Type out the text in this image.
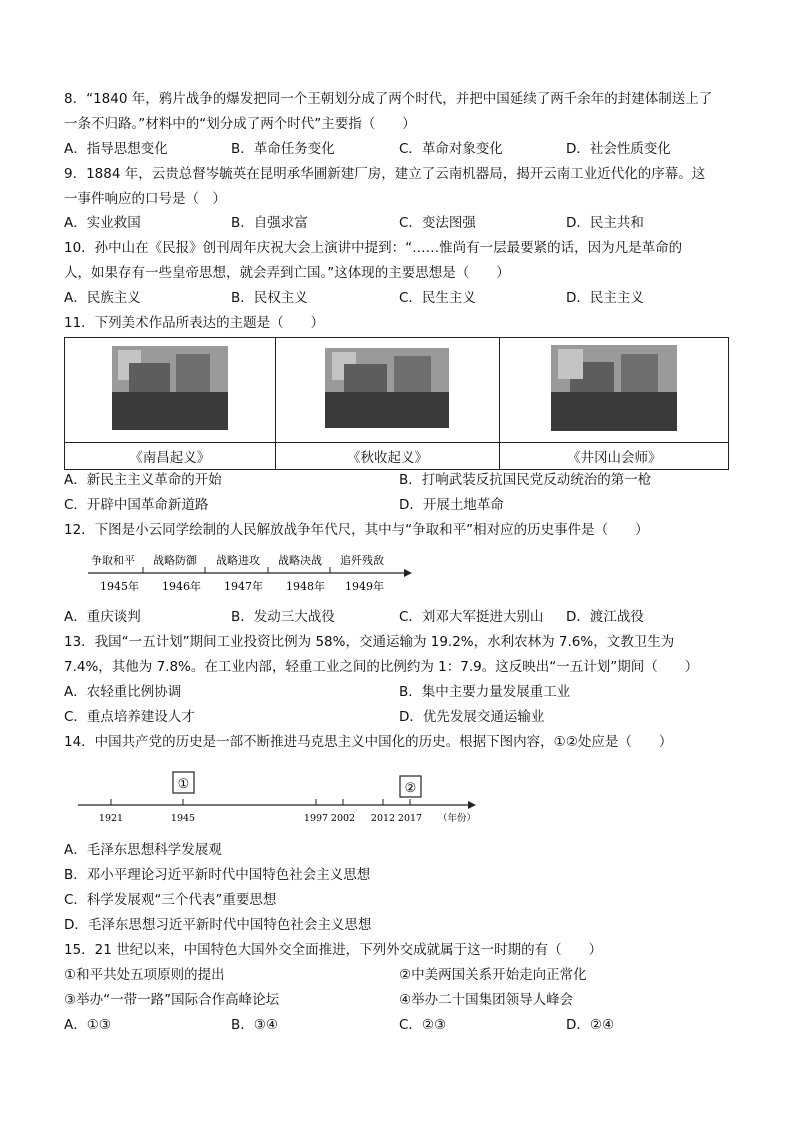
8．“1840 年，鸦片战争的爆发把同一个王朝划分成了两个时代，并把中国延续了两千余年的封建体制送上了
一条不归路。”材料中的“划分成了两个时代”主要指（　　）
A．指导思想变化	B．革命任务变化	C．革命对象变化	D．社会性质变化
9．1884 年，云贵总督岑毓英在昆明承华圃新建厂房，建立了云南机器局，揭开云南工业近代化的序幕。这
一事件响应的口号是（　）
A．实业救国	B．自强求富	C．变法图强	D．民主共和
10．孙中山在《民报》创刊周年庆祝大会上演讲中提到：“……惟尚有一层最要紧的话，因为凡是革命的
人，如果存有一些皇帝思想，就会弄到亡国。”这体现的主要思想是（　　）
A．民族主义	B．民权主义	C．民生主义	D．民主主义
11．下列美术作品所表达的主题是（　　）

《南昌起义》	《秋收起义》	《井冈山会师》
A．新民主主义革命的开始	B．打响武装反抗国民党反动统治的第一枪
C．开辟中国革命新道路	D．开展土地革命
12．下图是小云同学绘制的人民解放战争年代尺，其中与“争取和平”相对应的历史事件是（　　）
争取和平 战略防御 战略进攻 战略决战 追歼残敌
1945年 1946年 1947年 1948年 1949年
①	②
1921	1945	1997 2002 2012 2017 （年份）
A．重庆谈判	B．发动三大战役	C．刘邓大军挺进大别山 D．渡江战役
13．我国“一五计划”期间工业投资比例为 58%，交通运输为 19.2%，水利农林为 7.6%，文教卫生为
7.4%，其他为 7.8%。在工业内部，轻重工业之间的比例约为 1：7.9。这反映出“一五计划”期间（　　）
A．农轻重比例协调	B．集中主要力量发展重工业
C．重点培养建设人才	D．优先发展交通运输业
14．中国共产党的历史是一部不断推进马克思主义中国化的历史。根据下图内容，①②处应是（　　）
A．毛泽东思想科学发展观
B．邓小平理论习近平新时代中国特色社会主义思想
C．科学发展观“三个代表”重要思想
D．毛泽东思想习近平新时代中国特色社会主义思想
15．21 世纪以来，中国特色大国外交全面推进，下列外交成就属于这一时期的有（　　）
①和平共处五项原则的提出	②中美两国关系开始走向正常化
③举办“一带一路”国际合作高峰论坛	④举办二十国集团领导人峰会
A．①③	B．③④	C．②③	D．②④
